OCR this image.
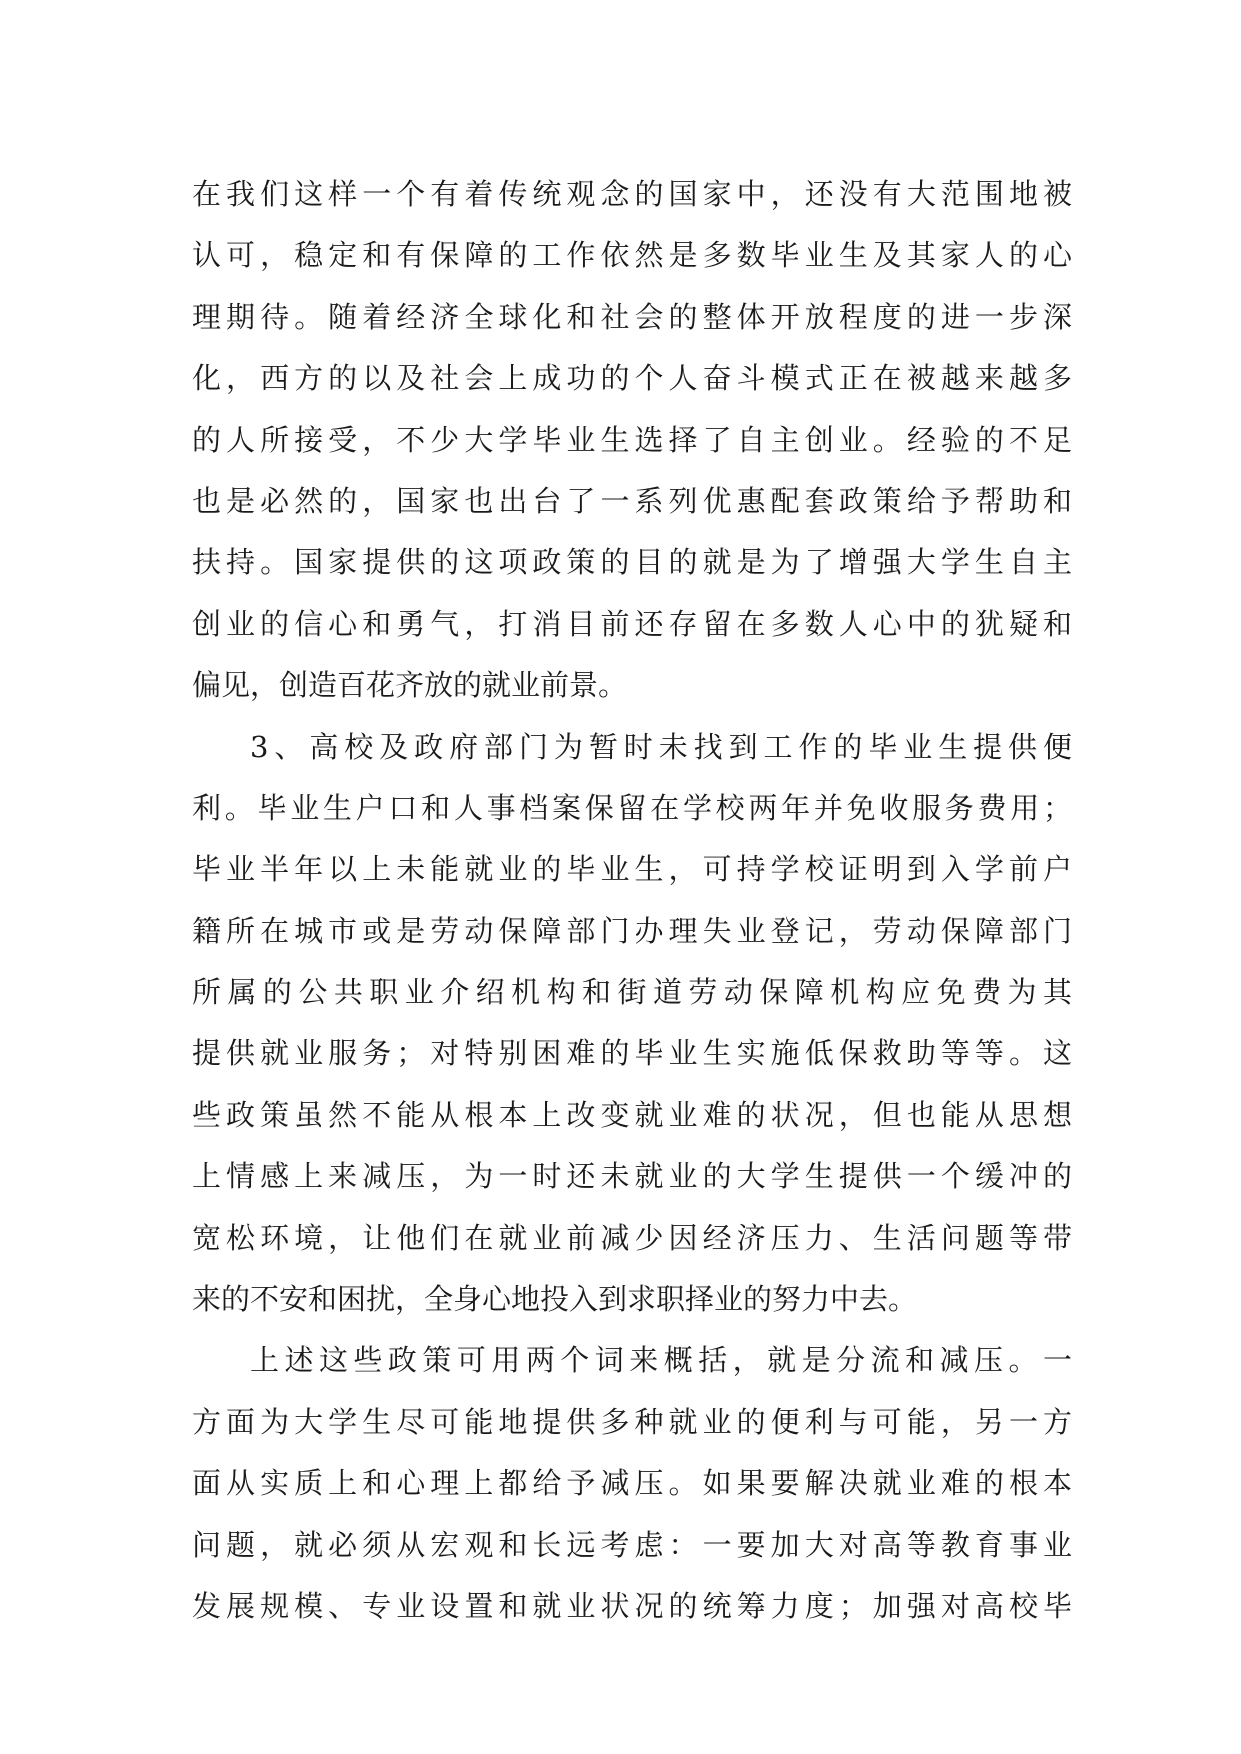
在我们这样一个有着传统观念的国家中，还没有大范围地被
认可，稳定和有保障的工作依然是多数毕业生及其家人的心
理期待。随着经济全球化和社会的整体开放程度的进一步深
化，西方的以及社会上成功的个人奋斗模式正在被越来越多
的人所接受，不少大学毕业生选择了自主创业。经验的不足
也是必然的，国家也出台了一系列优惠配套政策给予帮助和
扶持。国家提供的这项政策的目的就是为了增强大学生自主
创业的信心和勇气，打消目前还存留在多数人心中的犹疑和
偏见，创造百花齐放的就业前景。
3、高校及政府部门为暂时未找到工作的毕业生提供便
利。毕业生户口和人事档案保留在学校两年并免收服务费用；
毕业半年以上未能就业的毕业生，可持学校证明到入学前户
籍所在城市或是劳动保障部门办理失业登记，劳动保障部门
所属的公共职业介绍机构和街道劳动保障机构应免费为其
提供就业服务；对特别困难的毕业生实施低保救助等等。这
些政策虽然不能从根本上改变就业难的状况，但也能从思想
上情感上来减压，为一时还未就业的大学生提供一个缓冲的
宽松环境，让他们在就业前减少因经济压力、生活问题等带
来的不安和困扰，全身心地投入到求职择业的努力中去。
上述这些政策可用两个词来概括，就是分流和减压。一
方面为大学生尽可能地提供多种就业的便利与可能，另一方
面从实质上和心理上都给予减压。如果要解决就业难的根本
问题，就必须从宏观和长远考虑：一要加大对高等教育事业
发展规模、专业设置和就业状况的统筹力度；加强对高校毕
